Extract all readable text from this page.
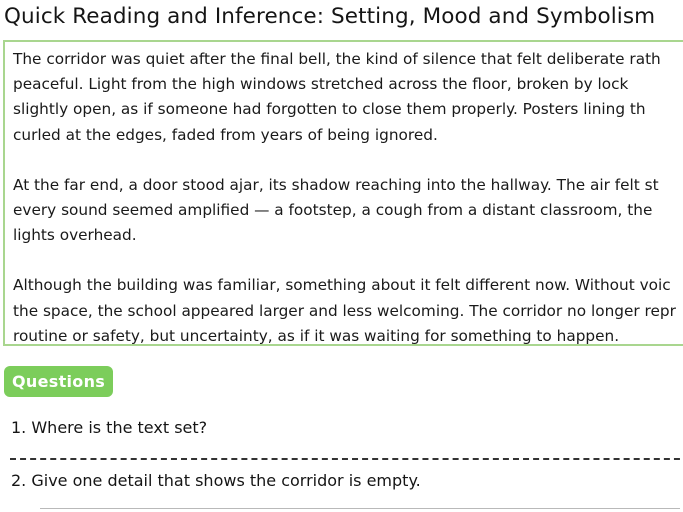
Quick Reading and Inference: Setting, Mood and Symbolism

The corridor was quiet after the final bell, the kind of silence that felt deliberate rath
peaceful. Light from the high windows stretched across the floor, broken by lock
slightly open, as if someone had forgotten to close them properly. Posters lining th
curled at the edges, faded from years of being ignored.

At the far end, a door stood ajar, its shadow reaching into the hallway. The air felt st
every sound seemed amplified — a footstep, a cough from a distant classroom, the
lights overhead.

Although the building was familiar, something about it felt different now. Without voic
the space, the school appeared larger and less welcoming. The corridor no longer repr
routine or safety, but uncertainty, as if it was waiting for something to happen.

Questions
1. Where is the text set?
2. Give one detail that shows the corridor is empty.
